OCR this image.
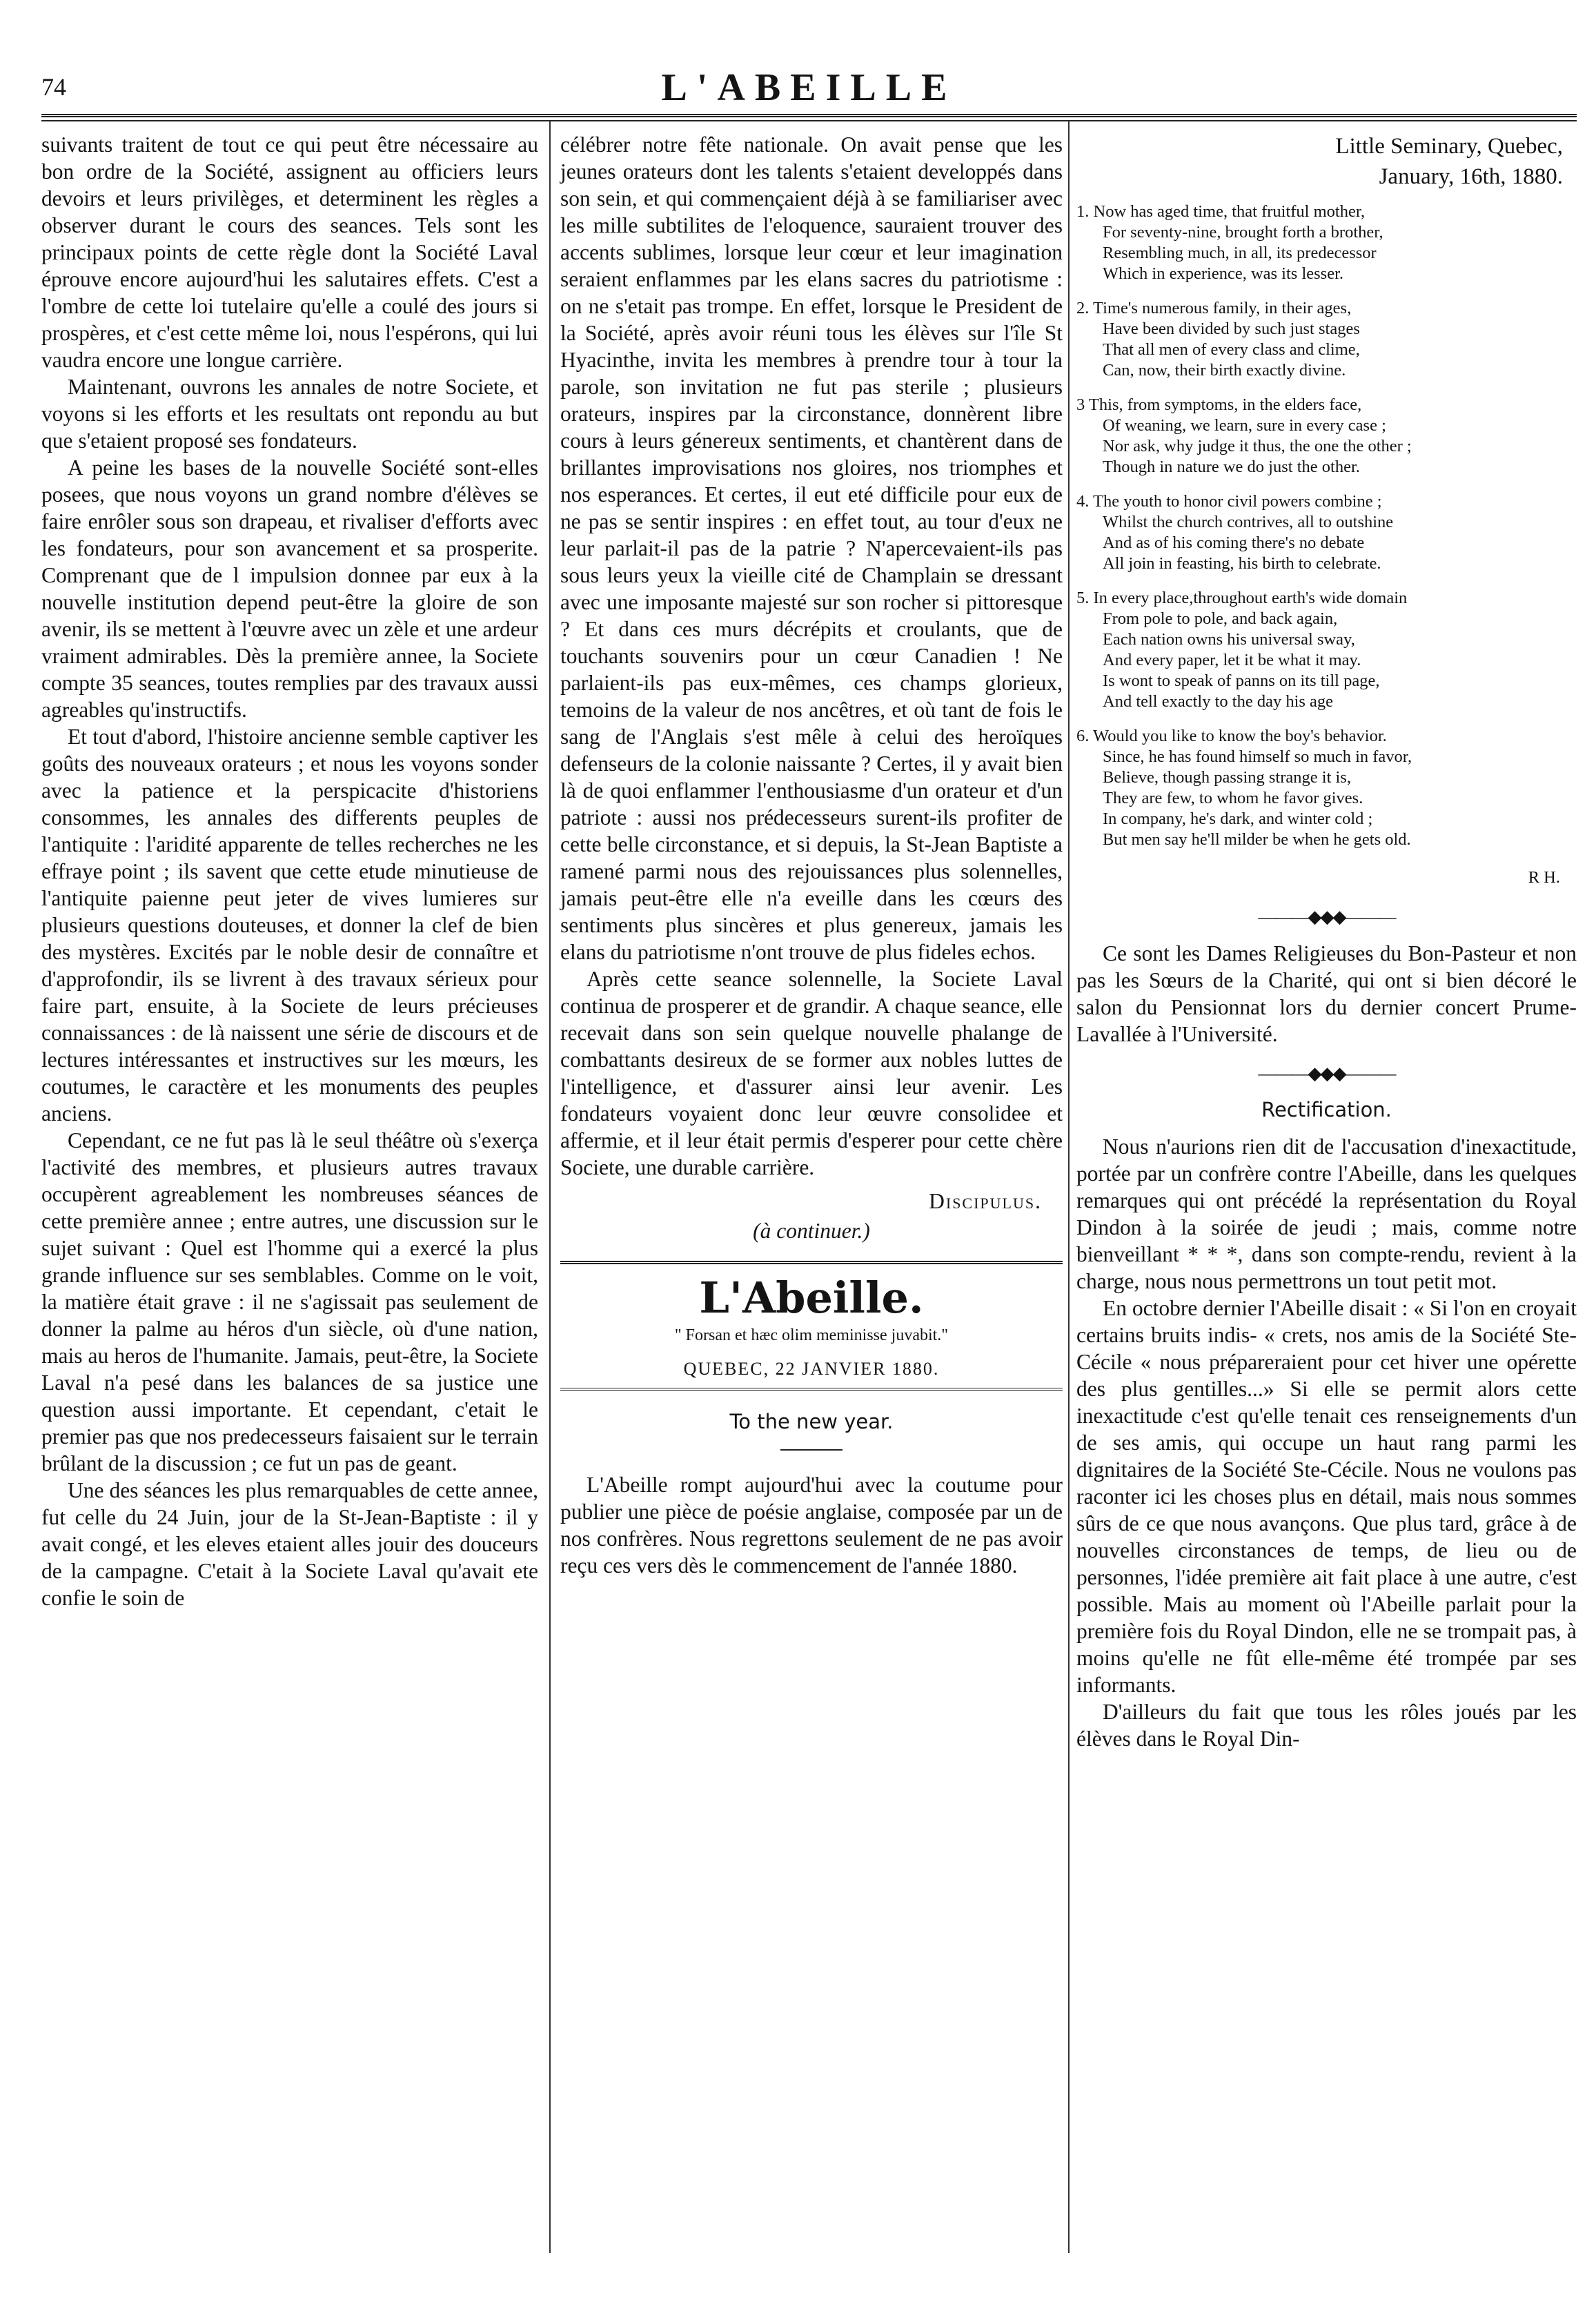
74	L'ABEILLE

suivants traitent de tout ce qui peut être nécessaire au bon ordre de la Société, assignent au officiers leurs devoirs et leurs privilèges, et determinent les règles a observer durant le cours des seances. Tels sont les principaux points de cette règle dont la Société Laval éprouve encore aujourd'hui les salutaires effets. C'est a l'ombre de cette loi tutelaire qu'elle a coulé des jours si prospères, et c'est cette même loi, nous l'espérons, qui lui vaudra encore une longue carrière.

Maintenant, ouvrons les annales de notre Societe, et voyons si les efforts et les resultats ont repondu au but que s'etaient proposé ses fondateurs.

A peine les bases de la nouvelle Société sont-elles posees, que nous voyons un grand nombre d'élèves se faire enrôler sous son drapeau, et rivaliser d'efforts avec les fondateurs, pour son avancement et sa prosperite. Comprenant que de l impulsion donnee par eux à la nouvelle institution depend peut-être la gloire de son avenir, ils se mettent à l'œuvre avec un zèle et une ardeur vraiment admirables. Dès la première annee, la Societe compte 35 seances, toutes remplies par des travaux aussi agreables qu'instructifs.

Et tout d'abord, l'histoire ancienne semble captiver les goûts des nouveaux orateurs ; et nous les voyons sonder avec la patience et la perspicacite d'historiens consommes, les annales des differents peuples de l'antiquite : l'aridité apparente de telles recherches ne les effraye point ; ils savent que cette etude minutieuse de l'antiquite paienne peut jeter de vives lumieres sur plusieurs questions douteuses, et donner la clef de bien des mystères. Excités par le noble desir de connaître et d'approfondir, ils se livrent à des travaux sérieux pour faire part, ensuite, à la Societe de leurs précieuses connaissances : de là naissent une série de discours et de lectures intéressantes et instructives sur les mœurs, les coutumes, le caractère et les monuments des peuples anciens.

Cependant, ce ne fut pas là le seul théâtre où s'exerça l'activité des membres, et plusieurs autres travaux occupèrent agreablement les nombreuses séances de cette première annee ; entre autres, une discussion sur le sujet suivant : Quel est l'homme qui a exercé la plus grande influence sur ses semblables. Comme on le voit, la matière était grave : il ne s'agissait pas seulement de donner la palme au héros d'un siècle, où d'une nation, mais au heros de l'humanite. Jamais, peut-être, la Societe Laval n'a pesé dans les balances de sa justice une question aussi importante. Et cependant, c'etait le premier pas que nos predecesseurs faisaient sur le terrain brûlant de la discussion ; ce fut un pas de geant.

Une des séances les plus remarquables de cette annee, fut celle du 24 Juin, jour de la St-Jean-Baptiste : il y avait congé, et les eleves etaient alles jouir des douceurs de la campagne. C'etait à la Societe Laval qu'avait ete confie le soin de

célébrer notre fête nationale. On avait pense que les jeunes orateurs dont les talents s'etaient developpés dans son sein, et qui commençaient déjà à se familiariser avec les mille subtilites de l'eloquence, sauraient trouver des accents sublimes, lorsque leur cœur et leur imagination seraient enflammes par les elans sacres du patriotisme : on ne s'etait pas trompe. En effet, lorsque le President de la Société, après avoir réuni tous les élèves sur l'île St Hyacinthe, invita les membres à prendre tour à tour la parole, son invitation ne fut pas sterile ; plusieurs orateurs, inspires par la circonstance, donnèrent libre cours à leurs génereux sentiments, et chantèrent dans de brillantes improvisations nos gloires, nos triomphes et nos esperances. Et certes, il eut eté difficile pour eux de ne pas se sentir inspires : en effet tout, au tour d'eux ne leur parlait-il pas de la patrie ? N'apercevaient-ils pas sous leurs yeux la vieille cité de Champlain se dressant avec une imposante majesté sur son rocher si pittoresque ? Et dans ces murs décrépits et croulants, que de touchants souvenirs pour un cœur Canadien ! Ne parlaient-ils pas eux-mêmes, ces champs glorieux, temoins de la valeur de nos ancêtres, et où tant de fois le sang de l'Anglais s'est mêle à celui des heroïques defenseurs de la colonie naissante ? Certes, il y avait bien là de quoi enflammer l'enthousiasme d'un orateur et d'un patriote : aussi nos prédecesseurs surent-ils profiter de cette belle circonstance, et si depuis, la St-Jean Baptiste a ramené parmi nous des rejouissances plus solennelles, jamais peut-être elle n'a eveille dans les cœurs des sentiments plus sincères et plus genereux, jamais les elans du patriotisme n'ont trouve de plus fideles echos.

Après cette seance solennelle, la Societe Laval continua de prosperer et de grandir. A chaque seance, elle recevait dans son sein quelque nouvelle phalange de combattants desireux de se former aux nobles luttes de l'intelligence, et d'assurer ainsi leur avenir. Les fondateurs voyaient donc leur œuvre consolidee et affermie, et il leur était permis d'esperer pour cette chère Societe, une durable carrière.

Discipulus.
(à continuer.)
L'Abeille.
" Forsan et hæc olim meminisse juvabit."
QUEBEC, 22 JANVIER 1880.
To the new year.

L'Abeille rompt aujourd'hui avec la coutume pour publier une pièce de poésie anglaise, composée par un de nos confrères. Nous regrettons seulement de ne pas avoir reçu ces vers dès le commencement de l'année 1880.

Little Seminary, Quebec,
January, 16th, 1880.
1. Now has aged time, that fruitful mother,
For seventy-nine, brought forth a brother,
Resembling much, in all, its predecessor
Which in experience, was its lesser.
2. Time's numerous family, in their ages,
Have been divided by such just stages
That all men of every class and clime,
Can, now, their birth exactly divine.
3 This, from symptoms, in the elders face,
Of weaning, we learn, sure in every case ;
Nor ask, why judge it thus, the one the other ;
Though in nature we do just the other.
4. The youth to honor civil powers combine ;
Whilst the church contrives, all to outshine
And as of his coming there's no debate
All join in feasting, his birth to celebrate.
5. In every place,throughout earth's wide domain
From pole to pole, and back again,
Each nation owns his universal sway,
And every paper, let it be what it may.
Is wont to speak of panns on its till page,
And tell exactly to the day his age
6. Would you like to know the boy's behavior.
Since, he has found himself so much in favor,
Believe, though passing strange it is,
They are few, to whom he favor gives.
In company, he's dark, and winter cold ;
But men say he'll milder be when he gets old.
R H.
———◆◆◆———

Ce sont les Dames Religieuses du Bon-Pasteur et non pas les Sœurs de la Charité, qui ont si bien décoré le salon du Pensionnat lors du dernier concert Prume-Lavallée à l'Université.

———◆◆◆———
Rectification.

Nous n'aurions rien dit de l'accusation d'inexactitude, portée par un confrère contre l'Abeille, dans les quelques remarques qui ont précédé la représentation du Royal Dindon à la soirée de jeudi ; mais, comme notre bienveillant * * *, dans son compte-rendu, revient à la charge, nous nous permettrons un tout petit mot.

En octobre dernier l'Abeille disait : « Si l'on en croyait certains bruits indis- « crets, nos amis de la Société Ste-Cécile « nous prépareraient pour cet hiver une opérette des plus gentilles...» Si elle se permit alors cette inexactitude c'est qu'elle tenait ces renseignements d'un de ses amis, qui occupe un haut rang parmi les dignitaires de la Société Ste-Cécile. Nous ne voulons pas raconter ici les choses plus en détail, mais nous sommes sûrs de ce que nous avançons. Que plus tard, grâce à de nouvelles circonstances de temps, de lieu ou de personnes, l'idée première ait fait place à une autre, c'est possible. Mais au moment où l'Abeille parlait pour la première fois du Royal Dindon, elle ne se trompait pas, à moins qu'elle ne fût elle-même été trompée par ses informants.

D'ailleurs du fait que tous les rôles joués par les élèves dans le Royal Din-
